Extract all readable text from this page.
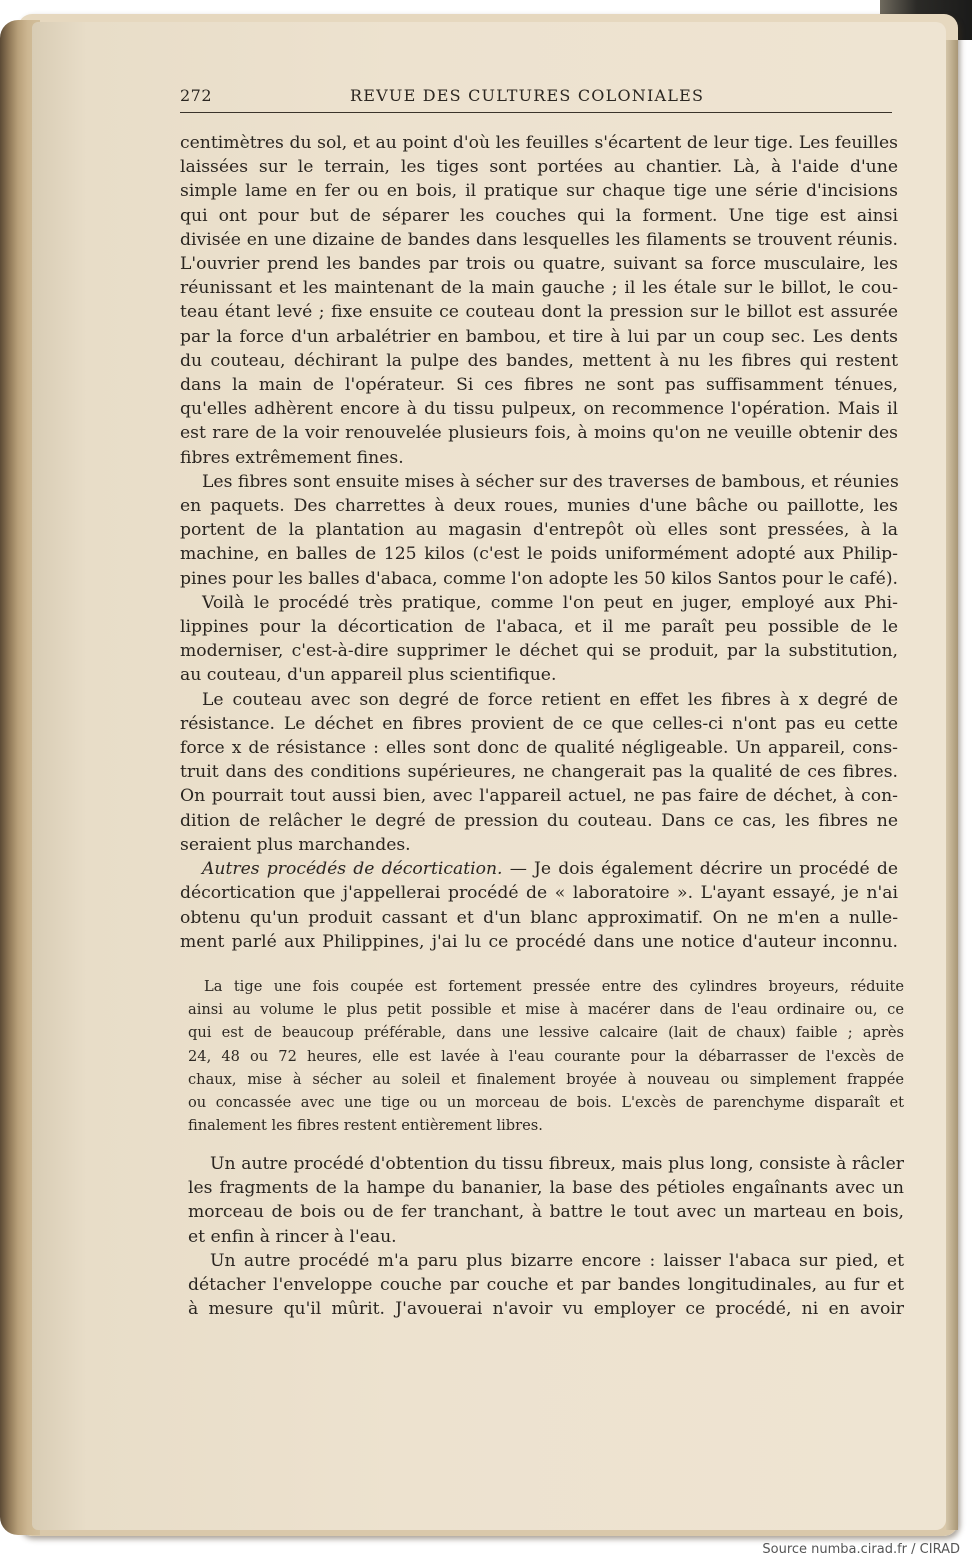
272	REVUE DES CULTURES COLONIALES
centimètres du sol, et au point d'où les feuilles s'écartent de leur tige. Les feuilles
laissées sur le terrain, les tiges sont portées au chantier. Là, à l'aide d'une
simple lame en fer ou en bois, il pratique sur chaque tige une série d'incisions
qui ont pour but de séparer les couches qui la forment. Une tige est ainsi
divisée en une dizaine de bandes dans lesquelles les filaments se trouvent réunis.
L'ouvrier prend les bandes par trois ou quatre, suivant sa force musculaire, les
réunissant et les maintenant de la main gauche ; il les étale sur le billot, le cou-
teau étant levé ; fixe ensuite ce couteau dont la pression sur le billot est assurée
par la force d'un arbalétrier en bambou, et tire à lui par un coup sec. Les dents
du couteau, déchirant la pulpe des bandes, mettent à nu les fibres qui restent
dans la main de l'opérateur. Si ces fibres ne sont pas suffisamment ténues,
qu'elles adhèrent encore à du tissu pulpeux, on recommence l'opération. Mais il
est rare de la voir renouvelée plusieurs fois, à moins qu'on ne veuille obtenir des
fibres extrêmement fines.
Les fibres sont ensuite mises à sécher sur des traverses de bambous, et réunies
en paquets. Des charrettes à deux roues, munies d'une bâche ou paillotte, les
portent de la plantation au magasin d'entrepôt où elles sont pressées, à la
machine, en balles de 125 kilos (c'est le poids uniformément adopté aux Philip-
pines pour les balles d'abaca, comme l'on adopte les 50 kilos Santos pour le café).
Voilà le procédé très pratique, comme l'on peut en juger, employé aux Phi-
lippines pour la décortication de l'abaca, et il me paraît peu possible de le
moderniser, c'est-à-dire supprimer le déchet qui se produit, par la substitution,
au couteau, d'un appareil plus scientifique.
Le couteau avec son degré de force retient en effet les fibres à x degré de
résistance. Le déchet en fibres provient de ce que celles-ci n'ont pas eu cette
force x de résistance : elles sont donc de qualité négligeable. Un appareil, cons-
truit dans des conditions supérieures, ne changerait pas la qualité de ces fibres.
On pourrait tout aussi bien, avec l'appareil actuel, ne pas faire de déchet, à con-
dition de relâcher le degré de pression du couteau. Dans ce cas, les fibres ne
seraient plus marchandes.
Autres procédés de décortication. — Je dois également décrire un procédé de
décortication que j'appellerai procédé de « laboratoire ». L'ayant essayé, je n'ai
obtenu qu'un produit cassant et d'un blanc approximatif. On ne m'en a nulle-
ment parlé aux Philippines, j'ai lu ce procédé dans une notice d'auteur inconnu.
La tige une fois coupée est fortement pressée entre des cylindres broyeurs, réduite
ainsi au volume le plus petit possible et mise à macérer dans de l'eau ordinaire ou, ce
qui est de beaucoup préférable, dans une lessive calcaire (lait de chaux) faible ; après
24, 48 ou 72 heures, elle est lavée à l'eau courante pour la débarrasser de l'excès de
chaux, mise à sécher au soleil et finalement broyée à nouveau ou simplement frappée
ou concassée avec une tige ou un morceau de bois. L'excès de parenchyme disparaît et
finalement les fibres restent entièrement libres.
Un autre procédé d'obtention du tissu fibreux, mais plus long, consiste à râcler
les fragments de la hampe du bananier, la base des pétioles engaînants avec un
morceau de bois ou de fer tranchant, à battre le tout avec un marteau en bois,
et enfin à rincer à l'eau.
Un autre procédé m'a paru plus bizarre encore : laisser l'abaca sur pied, et
détacher l'enveloppe couche par couche et par bandes longitudinales, au fur et
à mesure qu'il mûrit. J'avouerai n'avoir vu employer ce procédé, ni en avoir
Source numba.cirad.fr / CIRAD
